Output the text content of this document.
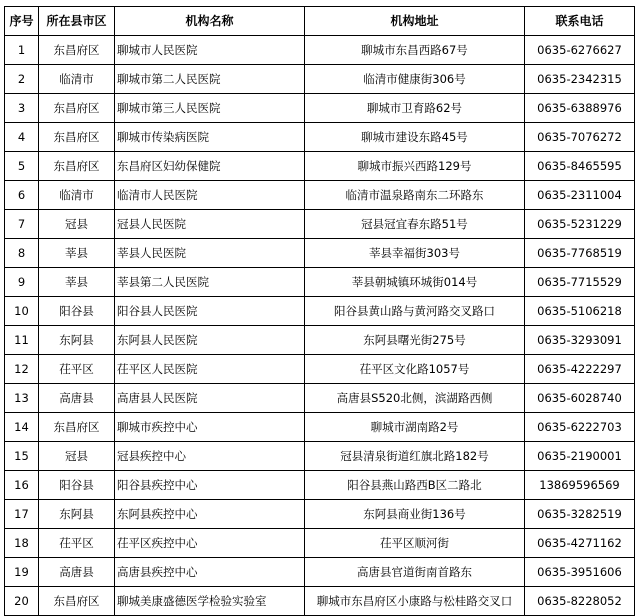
序号	所在县市区	机构名称	机构地址	联系电话
1	东昌府区	聊城市人民医院	聊城市东昌西路67号	0635-6276627
2	临清市	聊城市第二人民医院	临清市健康街306号	0635-2342315
3	东昌府区	聊城市第三人民医院	聊城市卫育路62号	0635-6388976
4	东昌府区	聊城市传染病医院	聊城市建设东路45号	0635-7076272
5	东昌府区	东昌府区妇幼保健院	聊城市振兴西路129号	0635-8465595
6	临清市	临清市人民医院	临清市温泉路南东二环路东	0635-2311004
7	冠县	冠县人民医院	冠县冠宜春东路51号	0635-5231229
8	莘县	莘县人民医院	莘县幸福街303号	0635-7768519
9	莘县	莘县第二人民医院	莘县朝城镇环城街014号	0635-7715529
10	阳谷县	阳谷县人民医院	阳谷县黄山路与黄河路交叉路口	0635-5106218
11	东阿县	东阿县人民医院	东阿县曙光街275号	0635-3293091
12	茌平区	茌平区人民医院	茌平区文化路1057号	0635-4222297
13	高唐县	高唐县人民医院	高唐县S520北侧，滨湖路西侧	0635-6028740
14	东昌府区	聊城市疾控中心	聊城市湖南路2号	0635-6222703
15	冠县	冠县疾控中心	冠县清泉街道红旗北路182号	0635-2190001
16	阳谷县	阳谷县疾控中心	阳谷县燕山路西B区二路北	13869596569
17	东阿县	东阿县疾控中心	东阿县商业街136号	0635-3282519
18	茌平区	茌平区疾控中心	茌平区顺河街	0635-4271162
19	高唐县	高唐县疾控中心	高唐县官道街南首路东	0635-3951606
20	东昌府区	聊城美康盛德医学检验实验室	聊城市东昌府区小康路与松桂路交叉口	0635-8228052
